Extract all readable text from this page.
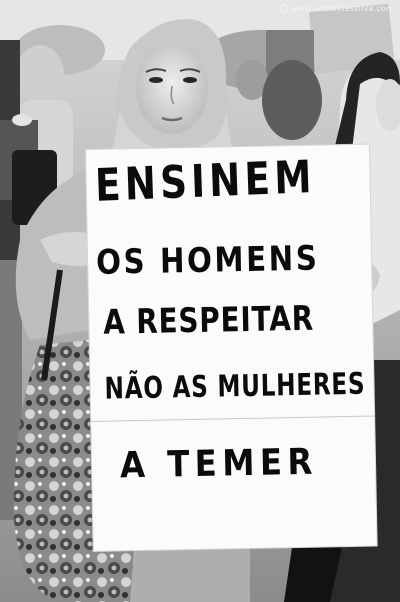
www.anderclessilva.com
ENSINEM
OS HOMENS
A RESPEITAR
NÃO AS MULHERES
A TEMER
